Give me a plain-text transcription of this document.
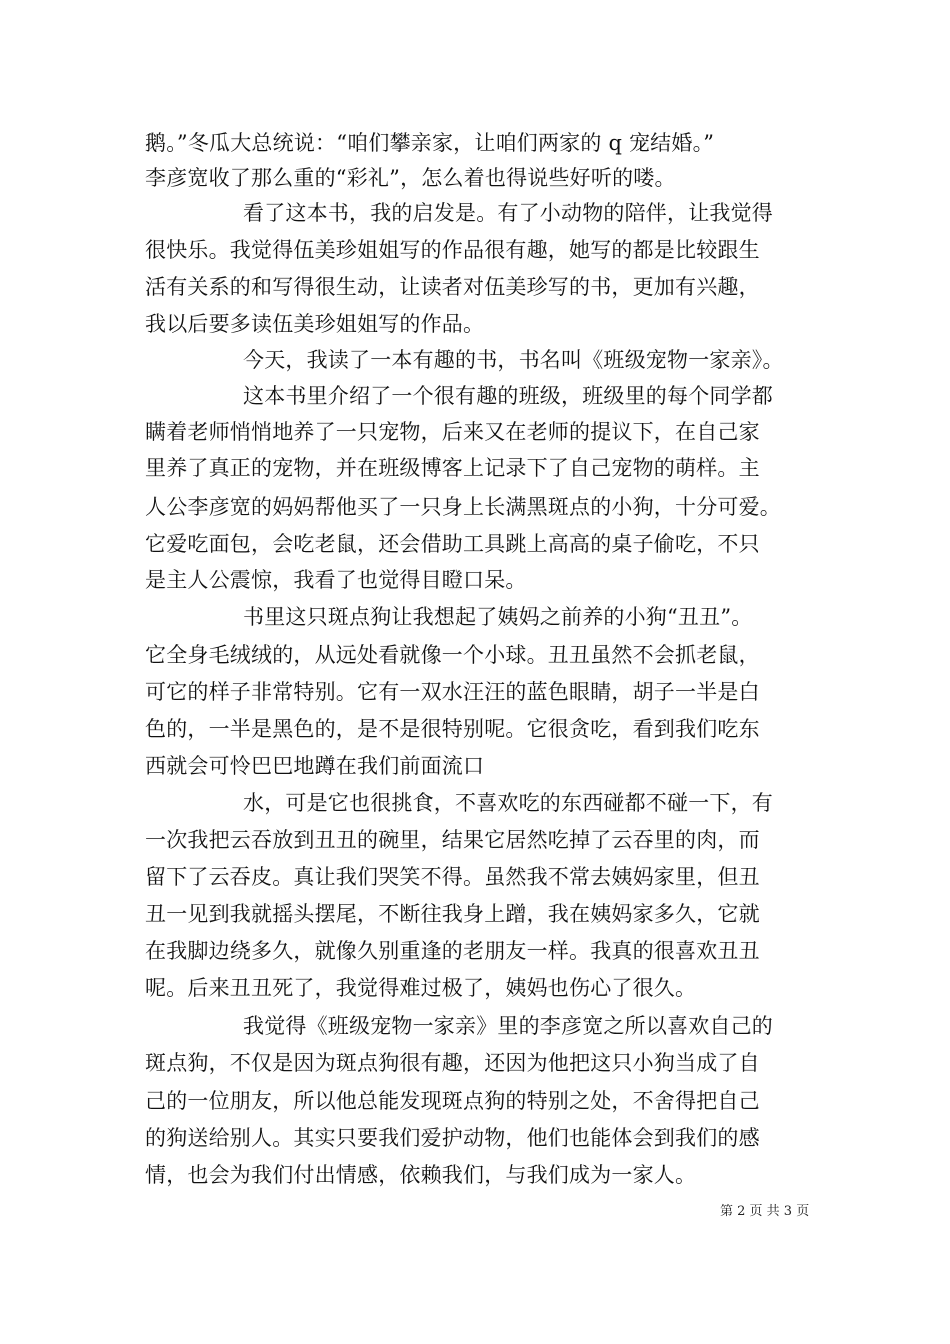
鹅。”冬瓜大总统说：“咱们攀亲家，让咱们两家的 q 宠结婚。”
李彦宽收了那么重的“彩礼”，怎么着也得说些好听的喽。
看了这本书，我的启发是。有了小动物的陪伴，让我觉得
很快乐。我觉得伍美珍姐姐写的作品很有趣，她写的都是比较跟生
活有关系的和写得很生动，让读者对伍美珍写的书，更加有兴趣，
我以后要多读伍美珍姐姐写的作品。
今天，我读了一本有趣的书，书名叫《班级宠物一家亲》。
这本书里介绍了一个很有趣的班级，班级里的每个同学都
瞒着老师悄悄地养了一只宠物，后来又在老师的提议下，在自己家
里养了真正的宠物，并在班级博客上记录下了自己宠物的萌样。主
人公李彦宽的妈妈帮他买了一只身上长满黑斑点的小狗，十分可爱。
它爱吃面包，会吃老鼠，还会借助工具跳上高高的桌子偷吃，不只
是主人公震惊，我看了也觉得目瞪口呆。
书里这只斑点狗让我想起了姨妈之前养的小狗“丑丑”。
它全身毛绒绒的，从远处看就像一个小球。丑丑虽然不会抓老鼠，
可它的样子非常特别。它有一双水汪汪的蓝色眼睛，胡子一半是白
色的，一半是黑色的，是不是很特别呢。它很贪吃，看到我们吃东
西就会可怜巴巴地蹲在我们前面流口
水，可是它也很挑食，不喜欢吃的东西碰都不碰一下，有
一次我把云吞放到丑丑的碗里，结果它居然吃掉了云吞里的肉，而
留下了云吞皮。真让我们哭笑不得。虽然我不常去姨妈家里，但丑
丑一见到我就摇头摆尾，不断往我身上蹭，我在姨妈家多久，它就
在我脚边绕多久，就像久别重逢的老朋友一样。我真的很喜欢丑丑
呢。后来丑丑死了，我觉得难过极了，姨妈也伤心了很久。
我觉得《班级宠物一家亲》里的李彦宽之所以喜欢自己的
斑点狗，不仅是因为斑点狗很有趣，还因为他把这只小狗当成了自
己的一位朋友，所以他总能发现斑点狗的特别之处，不舍得把自己
的狗送给别人。其实只要我们爱护动物，他们也能体会到我们的感
情，也会为我们付出情感，依赖我们，与我们成为一家人。
第 2 页 共 3 页
